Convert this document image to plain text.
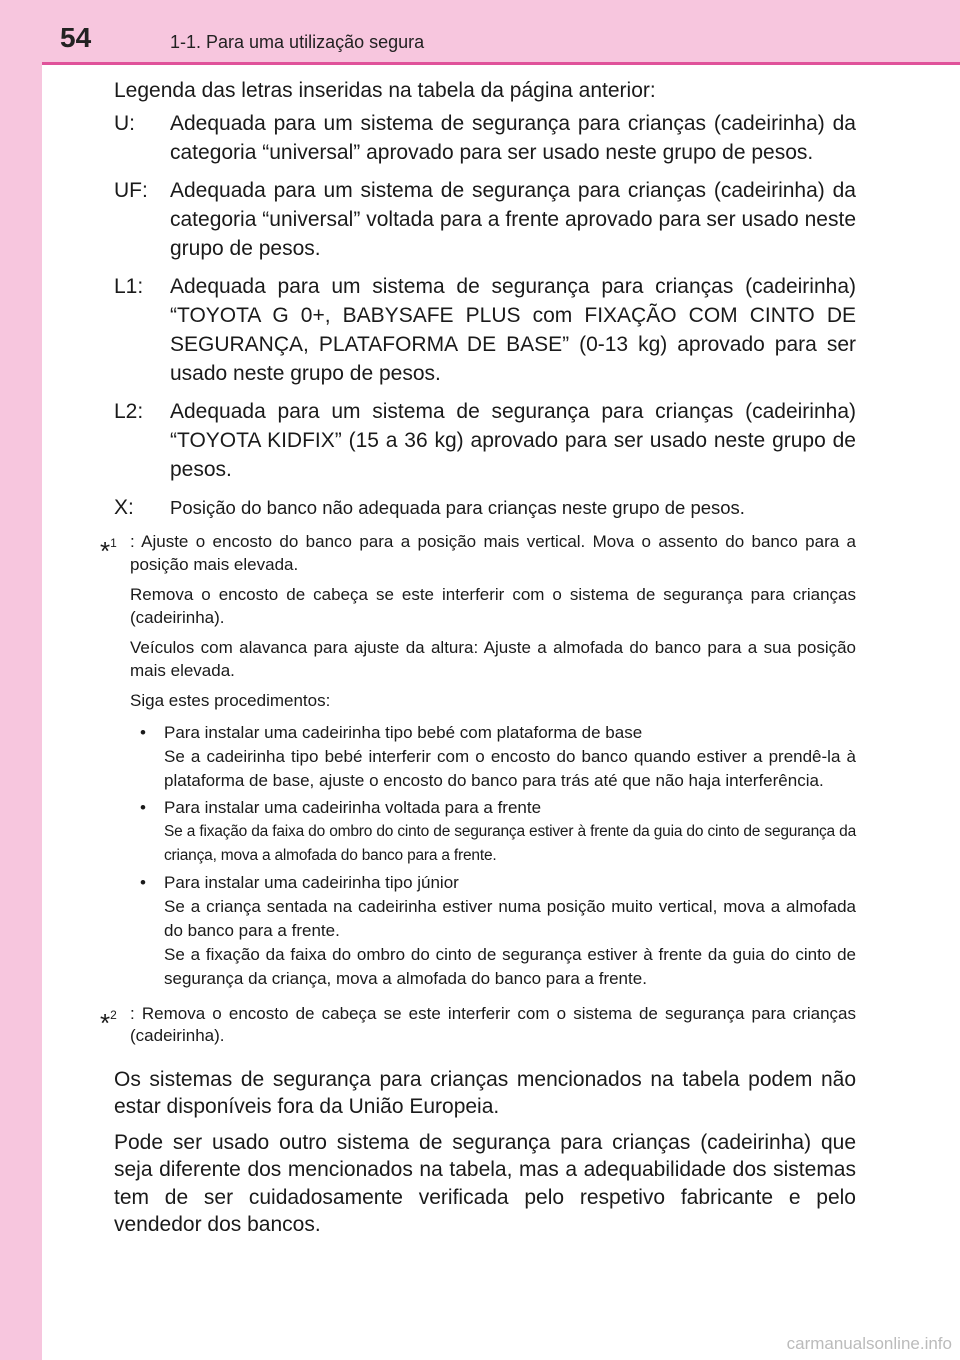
54	1-1. Para uma utilização segura

Legenda das letras inseridas na tabela da página anterior:

U:	Adequada para um sistema de segurança para crianças (cadeirinha) da categoria “universal” aprovado para ser usado neste grupo de pesos.
UF:	Adequada para um sistema de segurança para crianças (cadeirinha) da categoria “universal” voltada para a frente aprovado para ser usado neste grupo de pesos.
L1:	Adequada para um sistema de segurança para crianças (cadeirinha) “TOYOTA G 0+, BABYSAFE PLUS com FIXAÇÃO COM CINTO DE SEGURANÇA, PLATAFORMA DE BASE” (0-13 kg) aprovado para ser usado neste grupo de pesos.
L2:	Adequada para um sistema de segurança para crianças (cadeirinha) “TOYOTA KIDFIX” (15 a 36 kg) aprovado para ser usado neste grupo de pesos.
X:	Posição do banco não adequada para crianças neste grupo de pesos.
*$^1$ : Ajuste o encosto do banco para a posição mais vertical. Mova o assento do banco para a posição mais elevada.

Remova o encosto de cabeça se este interferir com o sistema de segurança para crianças (cadeirinha).

Veículos com alavanca para ajuste da altura: Ajuste a almofada do banco para a sua posição mais elevada.

Siga estes procedimentos:

•	Para instalar uma cadeirinha tipo bebé com plataforma de base
Se a cadeirinha tipo bebé interferir com o encosto do banco quando estiver a prendê-la à plataforma de base, ajuste o encosto do banco para trás até que não haja interferência.
•	Para instalar uma cadeirinha voltada para a frente
Se a fixação da faixa do ombro do cinto de segurança estiver à frente da guia do cinto de segurança da criança, mova a almofada do banco para a frente.
•	Para instalar uma cadeirinha tipo júnior
Se a criança sentada na cadeirinha estiver numa posição muito vertical, mova a almofada do banco para a frente.
Se a fixação da faixa do ombro do cinto de segurança estiver à frente da guia do cinto de segurança da criança, mova a almofada do banco para a frente.
*$^2$ : Remova o encosto de cabeça se este interferir com o sistema de segurança para crianças (cadeirinha).

Os sistemas de segurança para crianças mencionados na tabela podem não estar disponíveis fora da União Europeia.

Pode ser usado outro sistema de segurança para crianças (cadeirinha) que seja diferente dos mencionados na tabela, mas a adequabilidade dos sistemas tem de ser cuidadosamente verificada pelo respetivo fabricante e pelo vendedor dos bancos.

carmanualsonline.info
